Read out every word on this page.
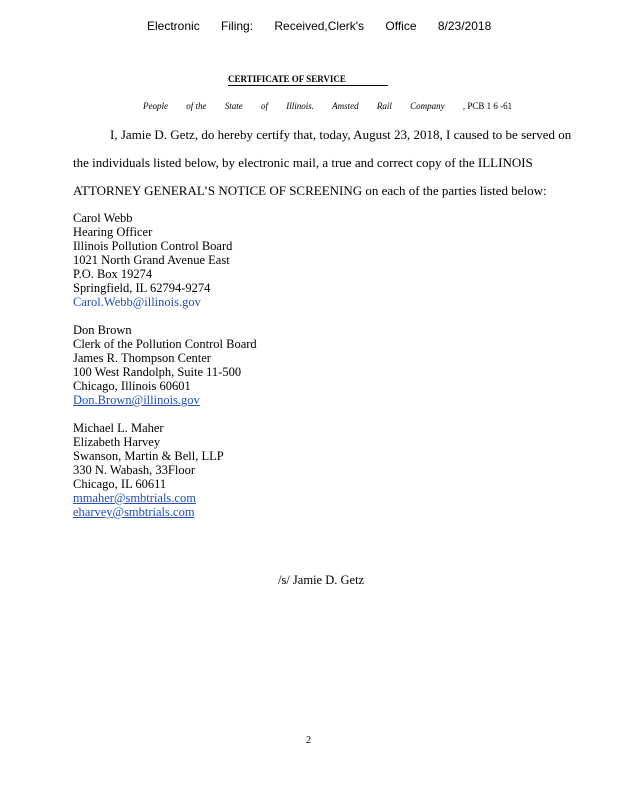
Electronic Filing: Received,Clerk's Office 8/23/2018
CERTIFICATE OF SERVICE
People of the State of Illinois. Amsted Rail Company , PCB 1 6 -61
I, Jamie D. Getz, do hereby certify that, today, August 23, 2018, I caused to be served on
the individuals listed below, by electronic mail, a true and correct copy of the ILLINOIS
ATTORNEY GENERAL’S NOTICE OF SCREENING on each of the parties listed below:
Carol Webb
Hearing Officer
Illinois Pollution Control Board
1021 North Grand Avenue East
P.O. Box 19274
Springfield, IL 62794-9274
Carol.Webb@illinois.gov
Don Brown
Clerk of the Pollution Control Board
James R. Thompson Center
100 West Randolph, Suite 11-500
Chicago, Illinois 60601
Don.Brown@illinois.gov
Michael L. Maher
Elizabeth Harvey
Swanson, Martin & Bell, LLP
330 N. Wabash, 33Floor
Chicago, IL 60611
mmaher@smbtrials.com
eharvey@smbtrials.com
/s/ Jamie D. Getz
2
